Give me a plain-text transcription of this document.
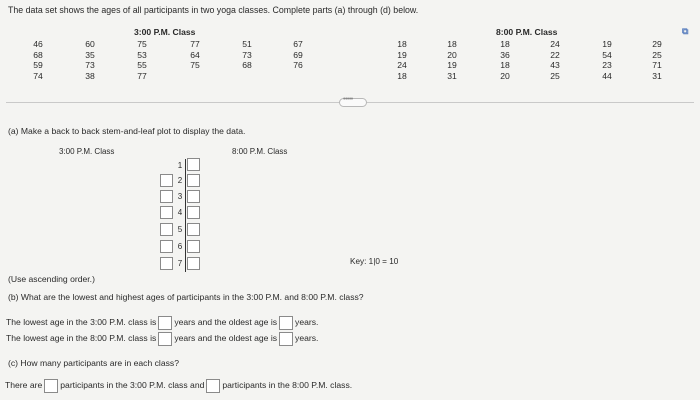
The data set shows the ages of all participants in two yoga classes. Complete parts (a) through (d) below.
⧉
3:00 P.M. Class
46
68
59
74
60
35
73
38
75
53
55
77
77
64
75
51
73
68
67
69
76
8:00 P.M. Class
18
19
24
18
18
20
19
31
18
36
18
20
24
22
43
25
19
54
23
44
29
25
71
31
•••••
(a) Make a back to back stem-and-leaf plot to display the data.
3:00 P.M. Class	8:00 P.M. Class
1
2
3
4
5
6
7	Key: 1|0 = 10
(Use ascending order.)
(b) What are the lowest and highest ages of participants in the 3:00 P.M. and 8:00 P.M. class?
The lowest age in the 3:00 P.M. class is years and the oldest age is years.
The lowest age in the 8:00 P.M. class is years and the oldest age is years.
(c) How many participants are in each class?
There are participants in the 3:00 P.M. class and participants in the 8:00 P.M. class.
